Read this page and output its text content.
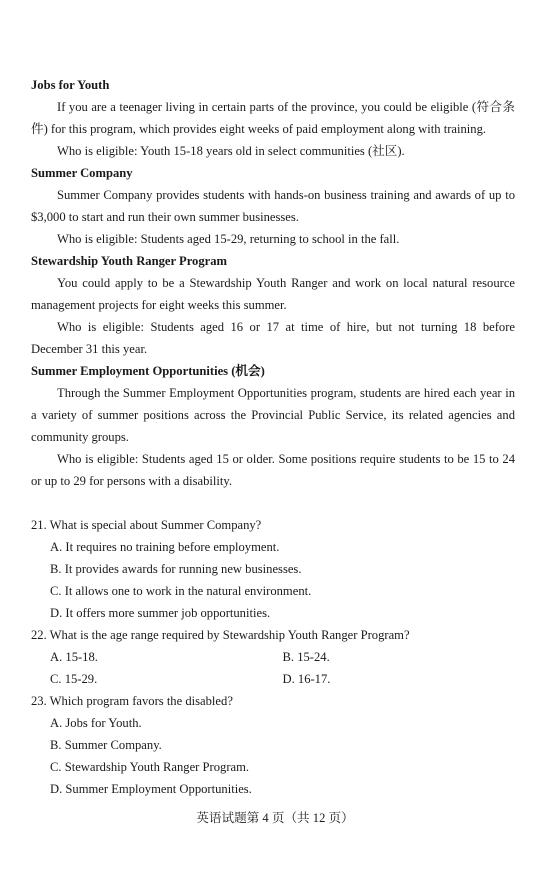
Jobs for Youth

If you are a teenager living in certain parts of the province, you could be eligible (符合条件) for this program, which provides eight weeks of paid employment along with training.

Who is eligible: Youth 15-18 years old in select communities (社区).

Summer Company

Summer Company provides students with hands-on business training and awards of up to $3,000 to start and run their own summer businesses.

Who is eligible: Students aged 15-29, returning to school in the fall.

Stewardship Youth Ranger Program

You could apply to be a Stewardship Youth Ranger and work on local natural resource management projects for eight weeks this summer.

Who is eligible: Students aged 16 or 17 at time of hire, but not turning 18 before December 31 this year.

Summer Employment Opportunities (机会)

Through the Summer Employment Opportunities program, students are hired each year in a variety of summer positions across the Provincial Public Service, its related agencies and community groups.

Who is eligible: Students aged 15 or older. Some positions require students to be 15 to 24 or up to 29 for persons with a disability.

21. What is special about Summer Company?

A. It requires no training before employment.

B. It provides awards for running new businesses.

C. It allows one to work in the natural environment.

D. It offers more summer job opportunities.

22. What is the age range required by Stewardship Youth Ranger Program?

A. 15-18.	B. 15-24.
C. 15-29.	D. 16-17.

23. Which program favors the disabled?

A. Jobs for Youth.

B. Summer Company.

C. Stewardship Youth Ranger Program.

D. Summer Employment Opportunities.

英语试题第 4 页（共 12 页）
